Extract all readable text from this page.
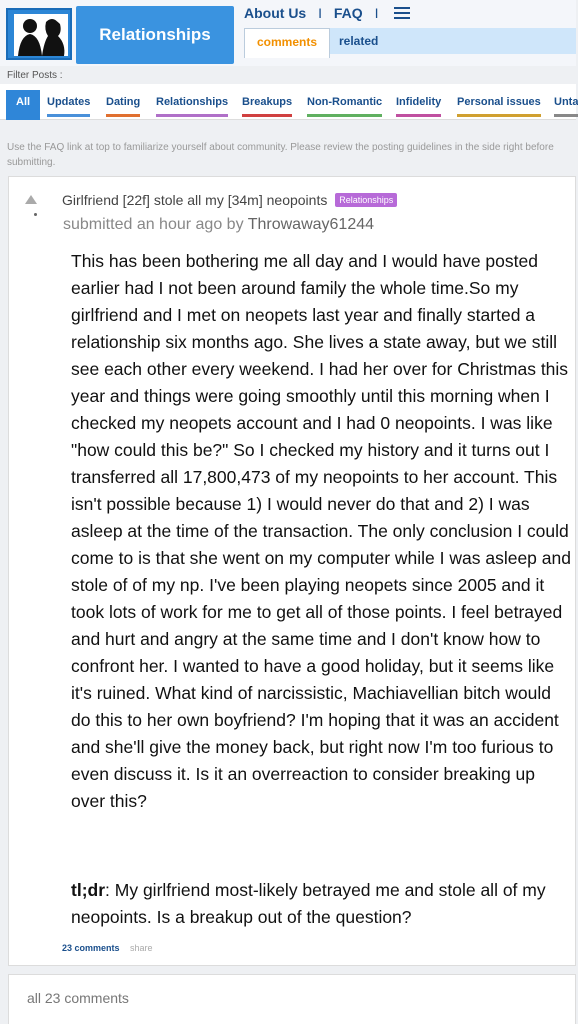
Relationships
About Us I FAQ I
comments	related
Filter Posts :
All	Updates Dating Relationships Breakups Non-Romantic Infidelity Personal issues Unta
Use the FAQ link at top to familiarize yourself about community. Please review the posting guidelines in the side right before submitting.
Girlfriend [22f] stole all my [34m] neopoints Relationships
submitted an hour ago by Throwaway61244
This has been bothering me all day and I would have posted earlier had I not been around family the whole time.So my girlfriend and I met on neopets last year and finally started a relationship six months ago. She lives a state away, but we still see each other every weekend. I had her over for Christmas this year and things were going smoothly until this morning when I checked my neopets account and I had 0 neopoints. I was like "how could this be?" So I checked my history and it turns out I transferred all 17,800,473 of my neopoints to her account. This isn't possible because 1) I would never do that and 2) I was asleep at the time of the transaction. The only conclusion I could come to is that she went on my computer while I was asleep and stole of of my np. I've been playing neopets since 2005 and it took lots of work for me to get all of those points. I feel betrayed and hurt and angry at the same time and I don't know how to confront her. I wanted to have a good holiday, but it seems like it's ruined. What kind of narcissistic, Machiavellian bitch would do this to her own boyfriend? I'm hoping that it was an accident and she'll give the money back, but right now I'm too furious to even discuss it. Is it an overreaction to consider breaking up over this?
tl;dr: My girlfriend most-likely betrayed me and stole all of my neopoints. Is a breakup out of the question?
23 comments share
all 23 comments
